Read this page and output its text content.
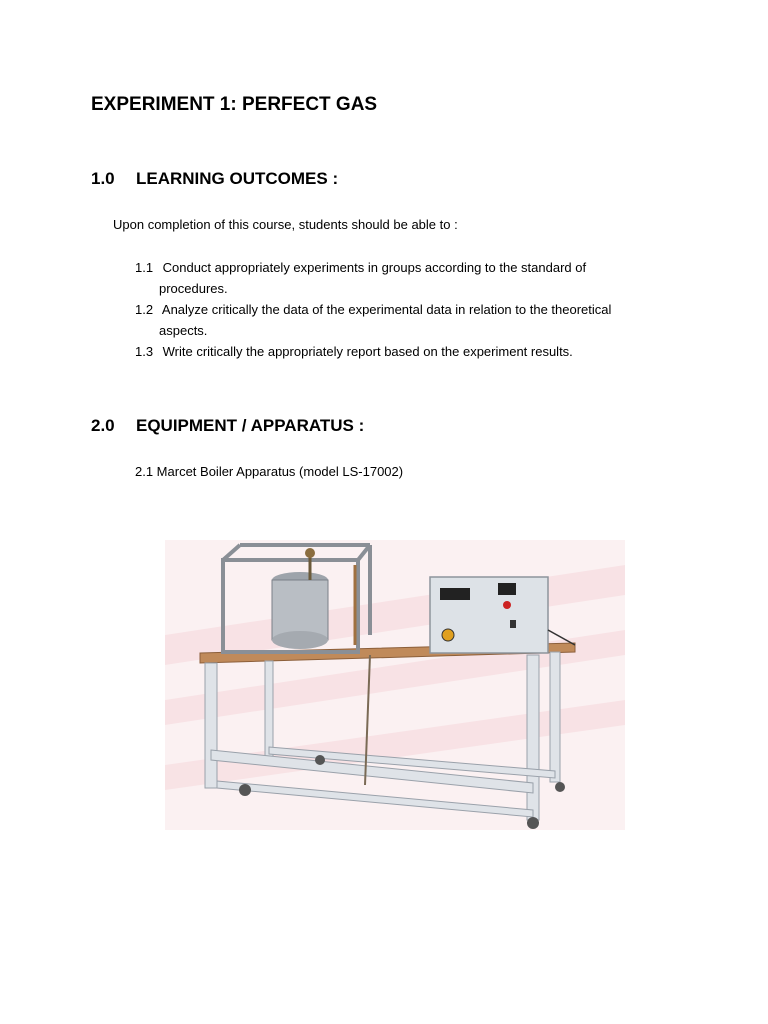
EXPERIMENT 1: PERFECT GAS
1.0 LEARNING OUTCOMES :
Upon completion of this course, students should be able to :
1.1 Conduct appropriately experiments in groups according to the standard of
procedures.
1.2 Analyze critically the data of the experimental data in relation to the theoretical
aspects.
1.3 Write critically the appropriately report based on the experiment results.
2.0 EQUIPMENT / APPARATUS :
2.1 Marcet Boiler Apparatus (model LS-17002)
